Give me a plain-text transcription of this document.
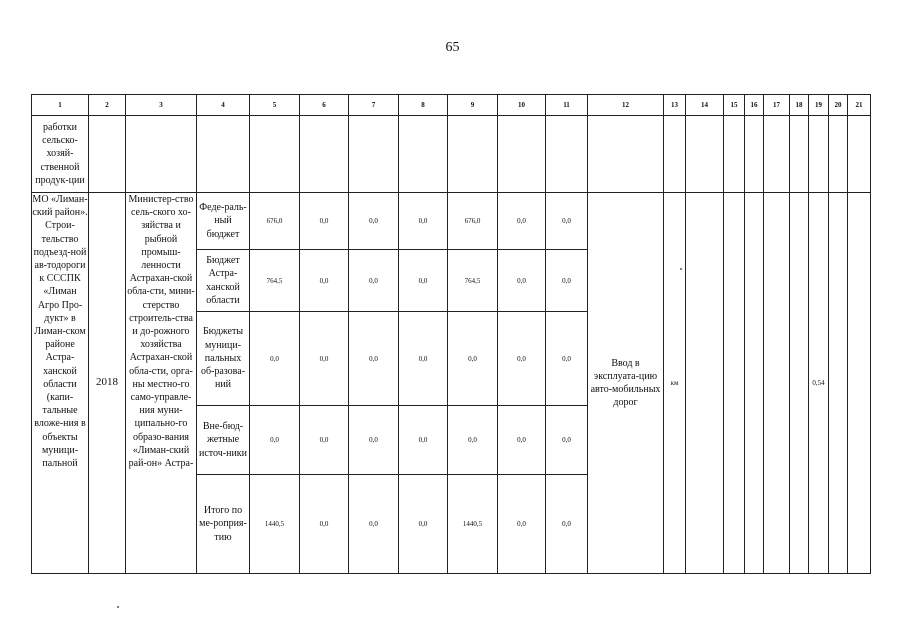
65
1	2	3	4	5	6	7	8	9	10	11	12	13	14	15	16	17	18	19	20	21
работки сельско-хозяй-ственной продук-ции																				
МО «Лиман-ский район». Строи-тельство подъезд-ной ав-тодороги к СССПК «Лиман Агро Про-дукт» в Лиман-ском районе Астра-ханской области (капи-тальные вложе-ния в объекты муници-пальной	2018	Министер-ство сель-ского хо-зяйства и рыбной промыш-ленности Астрахан-ской обла-сти, мини-стерство строитель-ства и до-рожного хозяйства Астрахан-ской обла-сти, орга-ны местно-го само-управле-ния муни-ципально-го образо-вания «Лиман-ский рай-он» Астра-	Феде-раль-ный бюджет	676,0	0,0	0,0	0,0	676,0	0,0	0,0	Ввод в эксплуата-цию авто-мобильных дорог	км						0,54		
			Бюджет Астра-ханской области	764,5	0,0	0,0	0,0	764,5	0,0	0,0										
			Бюджеты муници-пальных об-разова-ний	0,0	0,0	0,0	0,0	0,0	0,0	0,0										
			Вне-бюд-жетные источ-ники	0,0	0,0	0,0	0,0	0,0	0,0	0,0										
			Итого по ме-роприя-тию	1440,5	0,0	0,0	0,0	1440,5	0,0	0,0										
